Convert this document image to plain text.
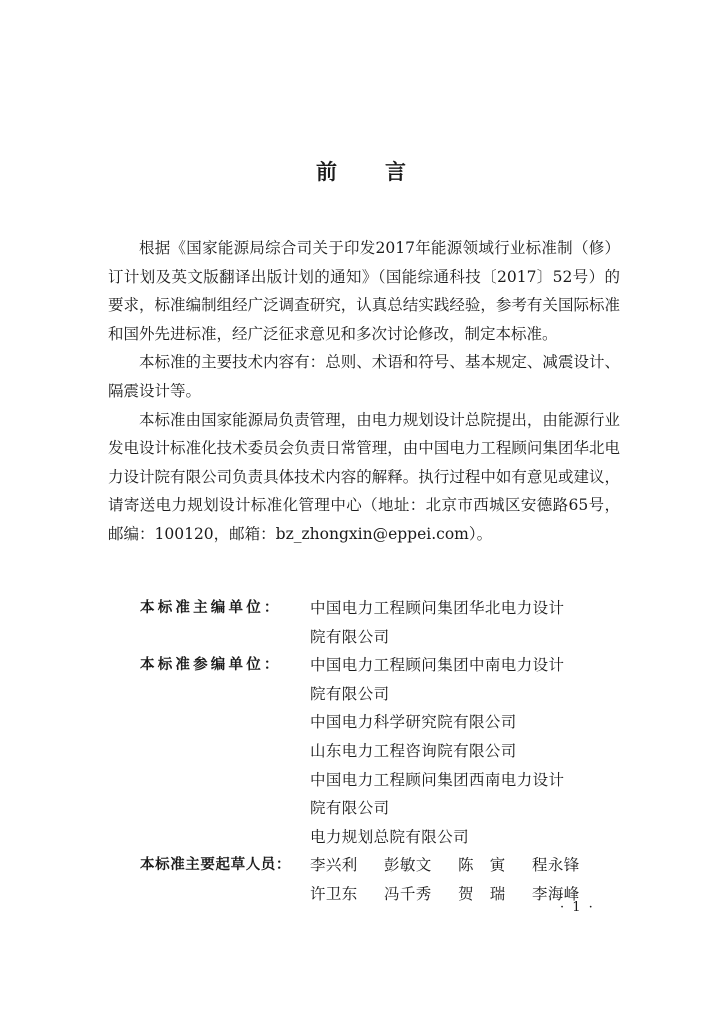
前 言

根据《国家能源局综合司关于印发2017年能源领域行业标准制（修）订计划及英文版翻译出版计划的通知》（国能综通科技〔2017〕52号）的要求，标准编制组经广泛调查研究，认真总结实践经验，参考有关国际标准和国外先进标准，经广泛征求意见和多次讨论修改，制定本标准。

本标准的主要技术内容有：总则、术语和符号、基本规定、减震设计、隔震设计等。

本标准由国家能源局负责管理，由电力规划设计总院提出，由能源行业发电设计标准化技术委员会负责日常管理，由中国电力工程顾问集团华北电力设计院有限公司负责具体技术内容的解释。执行过程中如有意见或建议，请寄送电力规划设计标准化管理中心（地址：北京市西城区安德路65号，邮编：100120，邮箱：bz_zhongxin@eppei.com）。

本标准主编单位：	中国电力工程顾问集团华北电力设计
院有限公司
本标准参编单位：	中国电力工程顾问集团中南电力设计
院有限公司
中国电力科学研究院有限公司
山东电力工程咨询院有限公司
中国电力工程顾问集团西南电力设计
院有限公司
电力规划总院有限公司
本标准主要起草人员：	李兴利 彭敏文 陈　寅 程永锋
许卫东 冯千秀 贺　瑞 李海峰
· 1 ·
